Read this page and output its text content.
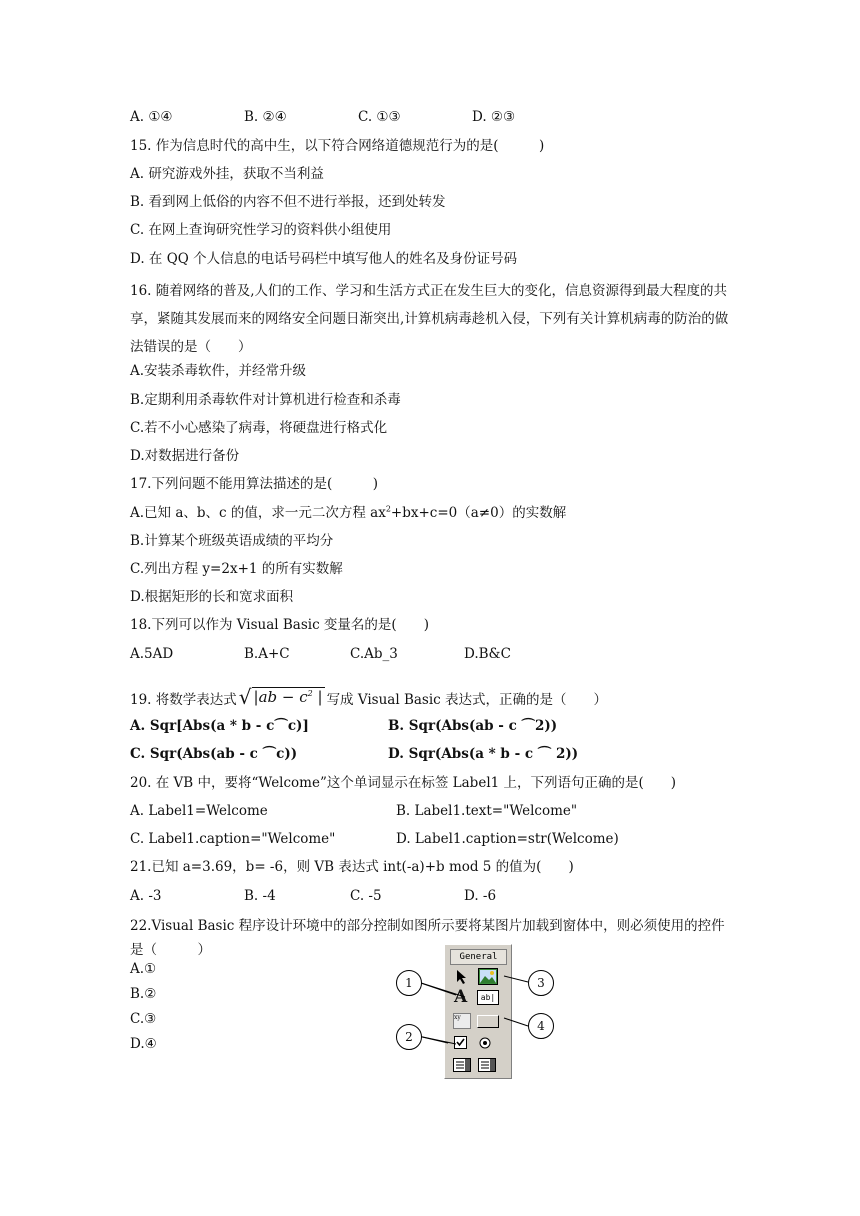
A. ①④	B. ②④	C. ①③	D. ②③
15. 作为信息时代的高中生，以下符合网络道德规范行为的是(　　　)
A. 研究游戏外挂，获取不当利益
B. 看到网上低俗的内容不但不进行举报，还到处转发
C. 在网上查询研究性学习的资料供小组使用
D. 在 QQ 个人信息的电话号码栏中填写他人的姓名及身份证号码
16. 随着网络的普及,人们的工作、学习和生活方式正在发生巨大的变化，信息资源得到最大程度的共享，紧随其发展而来的网络安全问题日渐突出,计算机病毒趁机入侵，下列有关计算机病毒的防治的做法错误的是（　　）
A.安装杀毒软件，并经常升级
B.定期利用杀毒软件对计算机进行检查和杀毒
C.若不小心感染了病毒，将硬盘进行格式化
D.对数据进行备份
17.下列问题不能用算法描述的是(　　　)
A.已知 a、b、c 的值，求一元二次方程 $ax^2+bx+c=0(a\ne 0)$的实数解
B.计算某个班级英语成绩的平均分
C.列出方程 y=2x+1 的所有实数解
D.根据矩形的长和宽求面积
18.下列可以作为 Visual Basic 变量名的是(　　)
A.5AD	B.A+C	C.Ab_3	D.B&C
19. 将数学表达式 √ $|ab - c^2$ | 写成 Visual Basic 表达式，正确的是（　　）
A. Sqr[Abs(a * b - c⌒c)]	B. Sqr(Abs(ab - c ⌒2))
C. Sqr(Abs(ab - c ⌒c))	D. Sqr(Abs(a * b - c ⌒ 2))
20. 在 VB 中，要将“Welcome”这个单词显示在标签 Label1 上，下列语句正确的是(　　)
A. Label1=Welcome	B. Label1.text="Welcome"
C. Label1.caption="Welcome"	D. Label1.caption=str(Welcome)
21.已知 a=3.69，b= -6，则 VB 表达式 int(-a)+b mod 5 的值为(　　)
A. -3	B. -4	C. -5	D. -6
22.Visual Basic 程序设计环境中的部分控制如图所示要将某图片加载到窗体中，则必须使用的控件是（　　　）
A.①
B.②
C.③
D.④
General
A	ab|
xy
1
2
3
4
